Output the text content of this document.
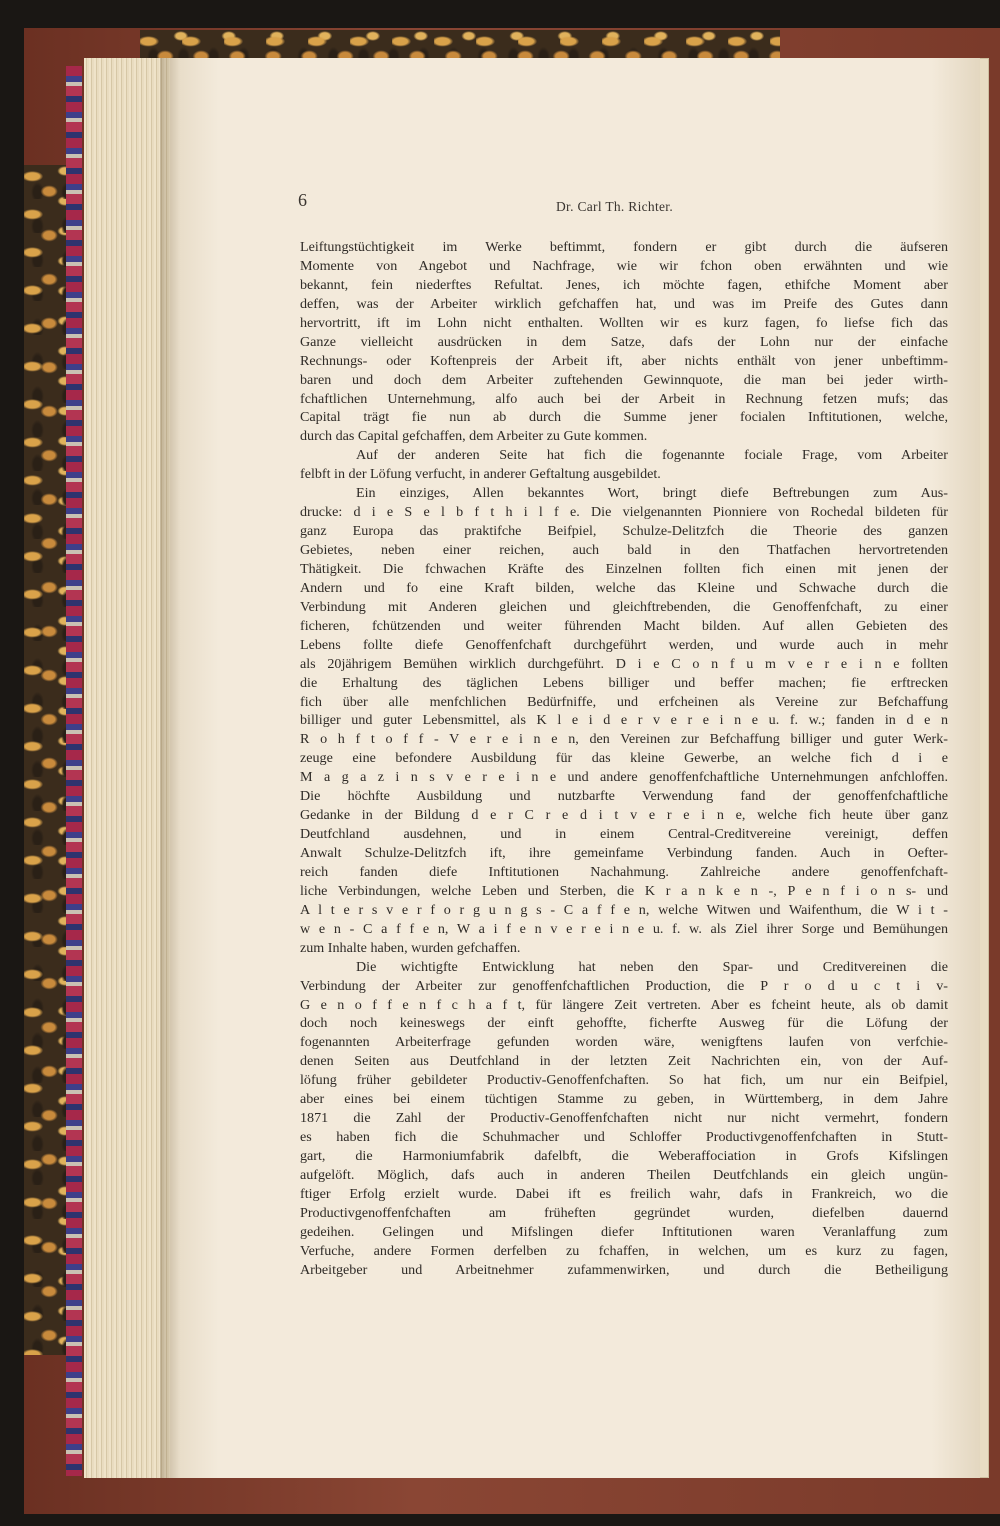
6	Dr. Carl Th. Richter.
Leiftungstüchtigkeit im Werke beftimmt, fondern er gibt durch die äufseren
Momente von Angebot und Nachfrage, wie wir fchon oben erwähnten und wie
bekannt, fein niederftes Refultat. Jenes, ich möchte fagen, ethifche Moment aber
deffen, was der Arbeiter wirklich gefchaffen hat, und was im Preife des Gutes dann
hervortritt, ift im Lohn nicht enthalten. Wollten wir es kurz fagen, fo liefse fich das
Ganze vielleicht ausdrücken in dem Satze, dafs der Lohn nur der einfache
Rechnungs- oder Koftenpreis der Arbeit ift, aber nichts enthält von jener unbeftimm-
baren und doch dem Arbeiter zuftehenden Gewinnquote, die man bei jeder wirth-
fchaftlichen Unternehmung, alfo auch bei der Arbeit in Rechnung fetzen mufs; das
Capital trägt fie nun ab durch die Summe jener focialen Inftitutionen, welche,
durch das Capital gefchaffen, dem Arbeiter zu Gute kommen.
Auf der anderen Seite hat fich die fogenannte fociale Frage, vom Arbeiter
felbft in der Löfung verfucht, in anderer Geftaltung ausgebildet.
Ein einziges, Allen bekanntes Wort, bringt diefe Beftrebungen zum Aus-
drucke: d i e S e l b f t h i l f e. Die vielgenannten Pionniere von Rochedal bildeten für
ganz Europa das praktifche Beifpiel, Schulze-Delitzfch die Theorie des ganzen
Gebietes, neben einer reichen, auch bald in den Thatfachen hervortretenden
Thätigkeit. Die fchwachen Kräfte des Einzelnen follten fich einen mit jenen der
Andern und fo eine Kraft bilden, welche das Kleine und Schwache durch die
Verbindung mit Anderen gleichen und gleichftrebenden, die Genoffenfchaft, zu einer
ficheren, fchützenden und weiter führenden Macht bilden. Auf allen Gebieten des
Lebens follte diefe Genoffenfchaft durchgeführt werden, und wurde auch in mehr
als 20jährigem Bemühen wirklich durchgeführt. D i e C o n f u m v e r e i n e follten
die Erhaltung des täglichen Lebens billiger und beffer machen; fie erftrecken
fich über alle menfchlichen Bedürfniffe, und erfcheinen als Vereine zur Befchaffung
billiger und guter Lebensmittel, als K l e i d e r v e r e i n e u. f. w.; fanden in d e n
R o h f t o f f - V e r e i n e n, den Vereinen zur Befchaffung billiger und guter Werk-
zeuge eine befondere Ausbildung für das kleine Gewerbe, an welche fich d i e
M a g a z i n s v e r e i n e und andere genoffenfchaftliche Unternehmungen anfchloffen.
Die höchfte Ausbildung und nutzbarfte Verwendung fand der genoffenfchaftliche
Gedanke in der Bildung d e r C r e d i t v e r e i n e, welche fich heute über ganz
Deutfchland ausdehnen, und in einem Central-Creditvereine vereinigt, deffen
Anwalt Schulze-Delitzfch ift, ihre gemeinfame Verbindung fanden. Auch in Oefter-
reich fanden diefe Inftitutionen Nachahmung. Zahlreiche andere genoffenfchaft-
liche Verbindungen, welche Leben und Sterben, die K r a n k e n -, P e n f i o n s- und
A l t e r s v e r f o r g u n g s - C a f f e n, welche Witwen und Waifenthum, die W i t -
w e n - C a f f e n, W a i f e n v e r e i n e u. f. w. als Ziel ihrer Sorge und Bemühungen
zum Inhalte haben, wurden gefchaffen.
Die wichtigfte Entwicklung hat neben den Spar- und Creditvereinen die
Verbindung der Arbeiter zur genoffenfchaftlichen Production, die P r o d u c t i v-
G e n o f f e n f c h a f t, für längere Zeit vertreten. Aber es fcheint heute, als ob damit
doch noch keineswegs der einft gehoffte, ficherfte Ausweg für die Löfung der
fogenannten Arbeiterfrage gefunden worden wäre, wenigftens laufen von verfchie-
denen Seiten aus Deutfchland in der letzten Zeit Nachrichten ein, von der Auf-
löfung früher gebildeter Productiv-Genoffenfchaften. So hat fich, um nur ein Beifpiel,
aber eines bei einem tüchtigen Stamme zu geben, in Württemberg, in dem Jahre
1871 die Zahl der Productiv-Genoffenfchaften nicht nur nicht vermehrt, fondern
es haben fich die Schuhmacher und Schloffer Productivgenoffenfchaften in Stutt-
gart, die Harmoniumfabrik dafelbft, die Weberaffociation in Grofs Kifslingen
aufgelöft. Möglich, dafs auch in anderen Theilen Deutfchlands ein gleich ungün-
ftiger Erfolg erzielt wurde. Dabei ift es freilich wahr, dafs in Frankreich, wo die
Productivgenoffenfchaften am früheften gegründet wurden, diefelben dauernd
gedeihen. Gelingen und Mifslingen diefer Inftitutionen waren Veranlaffung zum
Verfuche, andere Formen derfelben zu fchaffen, in welchen, um es kurz zu fagen,
Arbeitgeber und Arbeitnehmer zufammenwirken, und durch die Betheiligung
